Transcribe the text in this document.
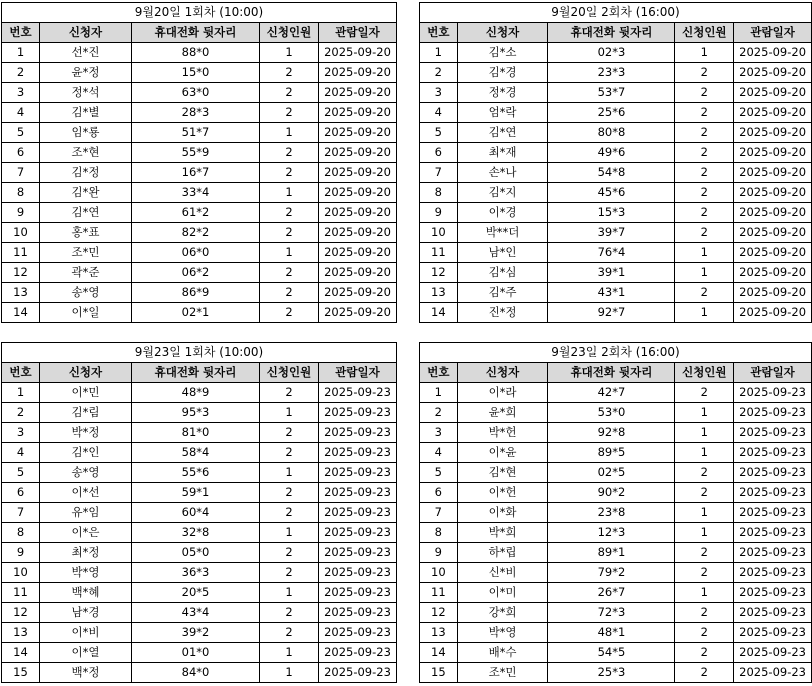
9월20일 1회차 (10:00)				
번호	신청자	휴대전화 뒷자리	신청인원	관람일자
1	선*진	88*0	1	2025-09-20
2	윤*정	15*0	2	2025-09-20
3	정*석	63*0	2	2025-09-20
4	김*별	28*3	2	2025-09-20
5	임*룡	51*7	1	2025-09-20
6	조*현	55*9	2	2025-09-20
7	김*정	16*7	2	2025-09-20
8	김*완	33*4	1	2025-09-20
9	김*연	61*2	2	2025-09-20
10	홍*표	82*2	2	2025-09-20
11	조*민	06*0	1	2025-09-20
12	곽*준	06*2	2	2025-09-20
13	송*영	86*9	2	2025-09-20
14	이*일	02*1	2	2025-09-20
9월20일 2회차 (16:00)				
번호	신청자	휴대전화 뒷자리	신청인원	관람일자
1	김*소	02*3	1	2025-09-20
2	김*경	23*3	2	2025-09-20
3	정*경	53*7	2	2025-09-20
4	엄*락	25*6	2	2025-09-20
5	김*연	80*8	2	2025-09-20
6	최*재	49*6	2	2025-09-20
7	손*나	54*8	2	2025-09-20
8	김*지	45*6	2	2025-09-20
9	이*경	15*3	2	2025-09-20
10	박**더	39*7	2	2025-09-20
11	남*인	76*4	1	2025-09-20
12	김*심	39*1	1	2025-09-20
13	김*주	43*1	2	2025-09-20
14	진*정	92*7	1	2025-09-20
9월23일 1회차 (10:00)				
번호	신청자	휴대전화 뒷자리	신청인원	관람일자
1	이*민	48*9	2	2025-09-23
2	김*림	95*3	1	2025-09-23
3	박*정	81*0	2	2025-09-23
4	김*인	58*4	2	2025-09-23
5	송*영	55*6	1	2025-09-23
6	이*선	59*1	2	2025-09-23
7	유*임	60*4	2	2025-09-23
8	이*은	32*8	1	2025-09-23
9	최*정	05*0	2	2025-09-23
10	박*영	36*3	2	2025-09-23
11	백*혜	20*5	1	2025-09-23
12	남*경	43*4	2	2025-09-23
13	이*비	39*2	2	2025-09-23
14	이*열	01*0	1	2025-09-23
15	백*정	84*0	1	2025-09-23
9월23일 2회차 (16:00)				
번호	신청자	휴대전화 뒷자리	신청인원	관람일자
1	이*라	42*7	2	2025-09-23
2	윤*희	53*0	1	2025-09-23
3	박*헌	92*8	1	2025-09-23
4	이*윤	89*5	1	2025-09-23
5	김*현	02*5	2	2025-09-23
6	이*헌	90*2	2	2025-09-23
7	이*화	23*8	1	2025-09-23
8	박*희	12*3	1	2025-09-23
9	하*립	89*1	2	2025-09-23
10	신*비	79*2	2	2025-09-23
11	이*미	26*7	1	2025-09-23
12	강*희	72*3	2	2025-09-23
13	박*영	48*1	2	2025-09-23
14	배*수	54*5	2	2025-09-23
15	조*민	25*3	2	2025-09-23
